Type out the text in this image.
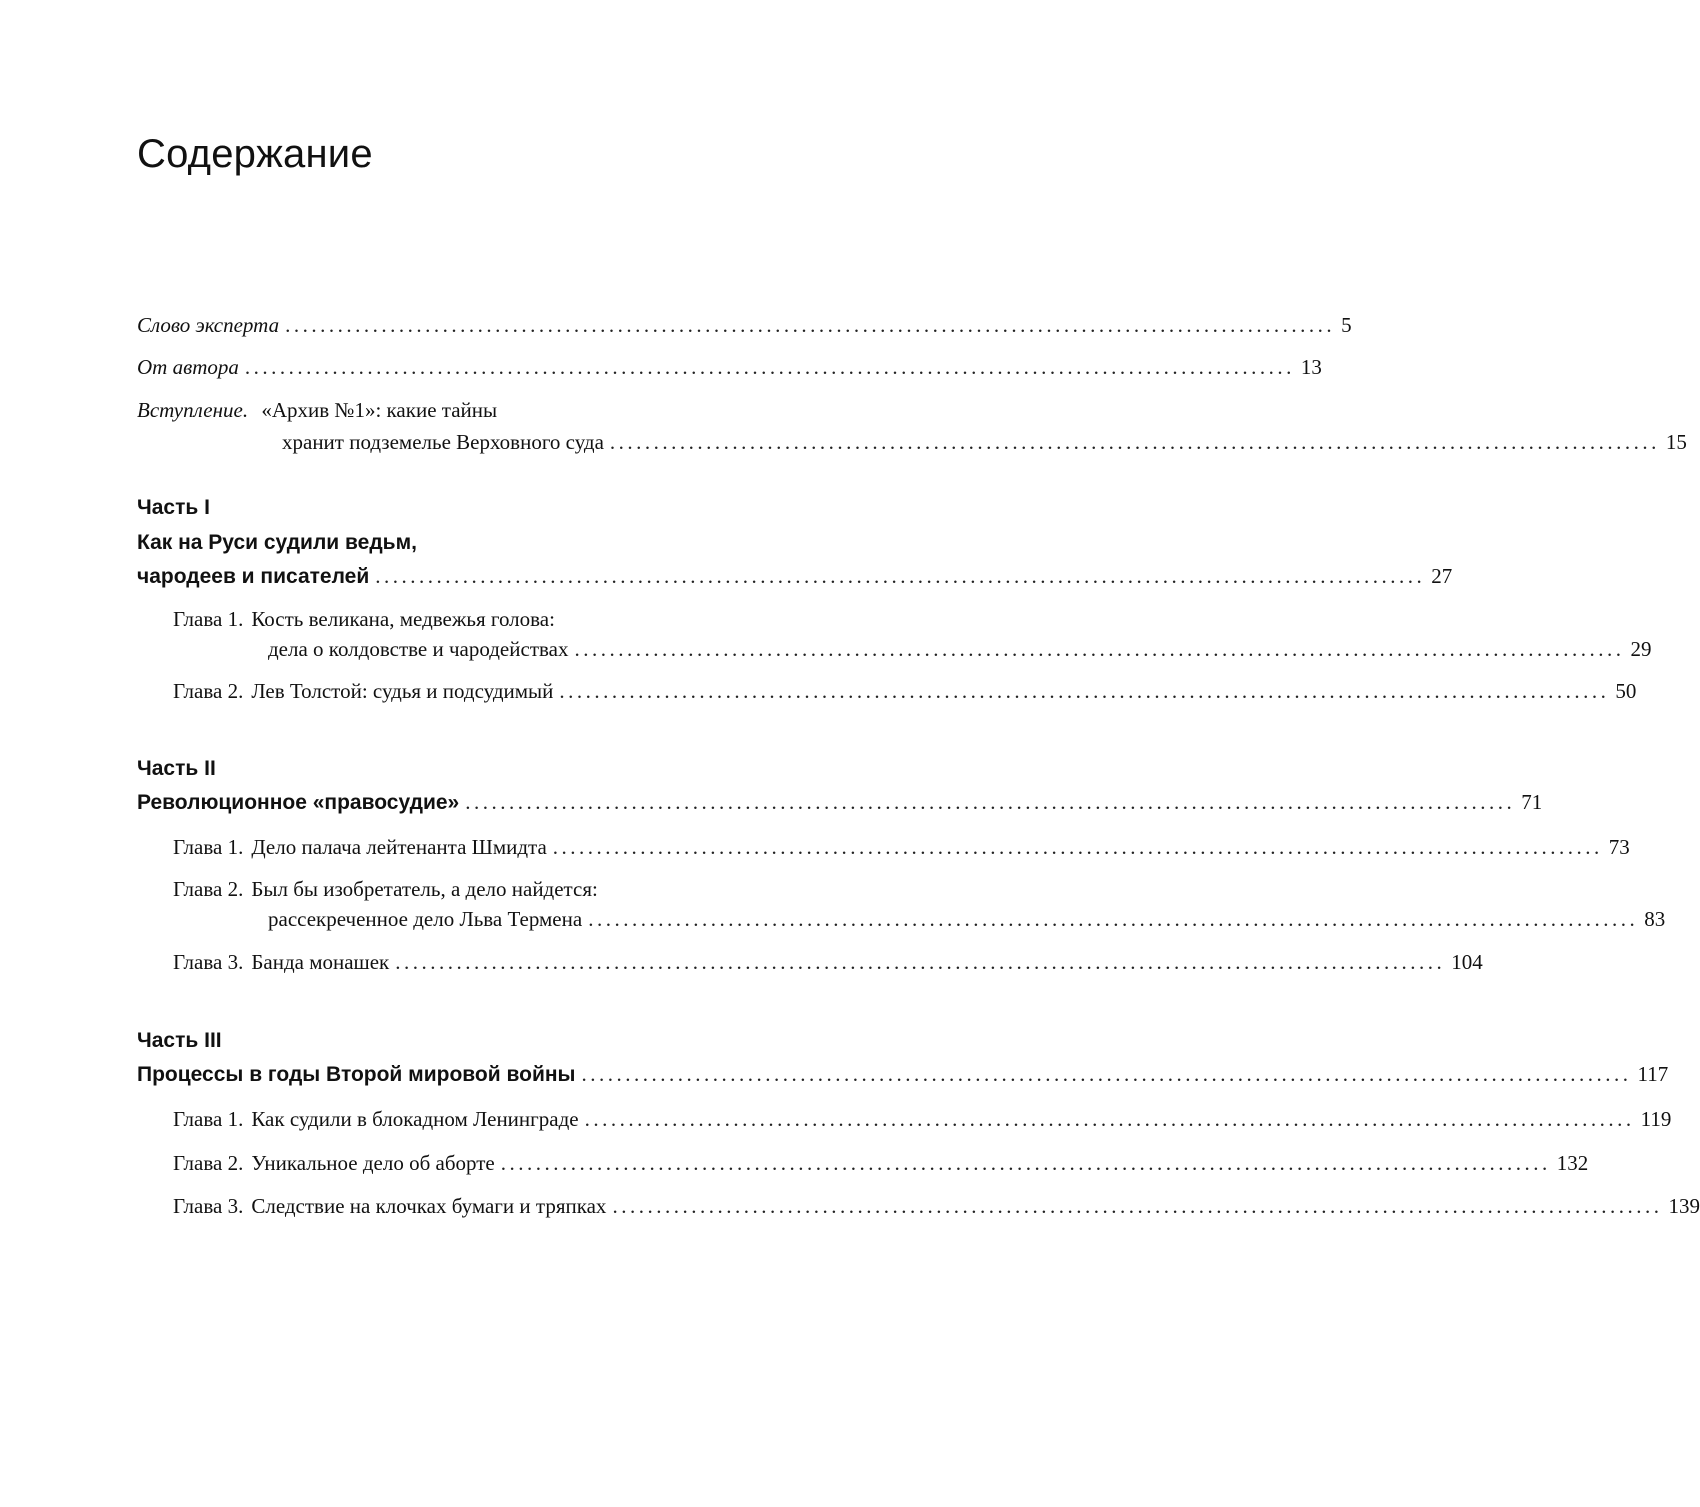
Содержание
Слово эксперта ........................................................................................................................ 5
От автора ........................................................................................................................ 13
Вступление. «Архив №1»: какие тайны
хранит подземелье Верховного суда ........................................................................................................................ 15
Часть I
Как на Руси судили ведьм,
чародеев и писателей ........................................................................................................................ 27
Глава 1. Кость великана, медвежья голова:
дела о колдовстве и чародействах ........................................................................................................................ 29
Глава 2. Лев Толстой: судья и подсудимый ........................................................................................................................ 50
Часть II
Революционное «правосудие» ........................................................................................................................ 71
Глава 1. Дело палача лейтенанта Шмидта ........................................................................................................................ 73
Глава 2. Был бы изобретатель, а дело найдется:
рассекреченное дело Льва Термена ........................................................................................................................ 83
Глава 3. Банда монашек ........................................................................................................................ 104
Часть III
Процессы в годы Второй мировой войны ........................................................................................................................ 117
Глава 1. Как судили в блокадном Ленинграде ........................................................................................................................ 119
Глава 2. Уникальное дело об аборте ........................................................................................................................ 132
Глава 3. Следствие на клочках бумаги и тряпках ........................................................................................................................ 139
